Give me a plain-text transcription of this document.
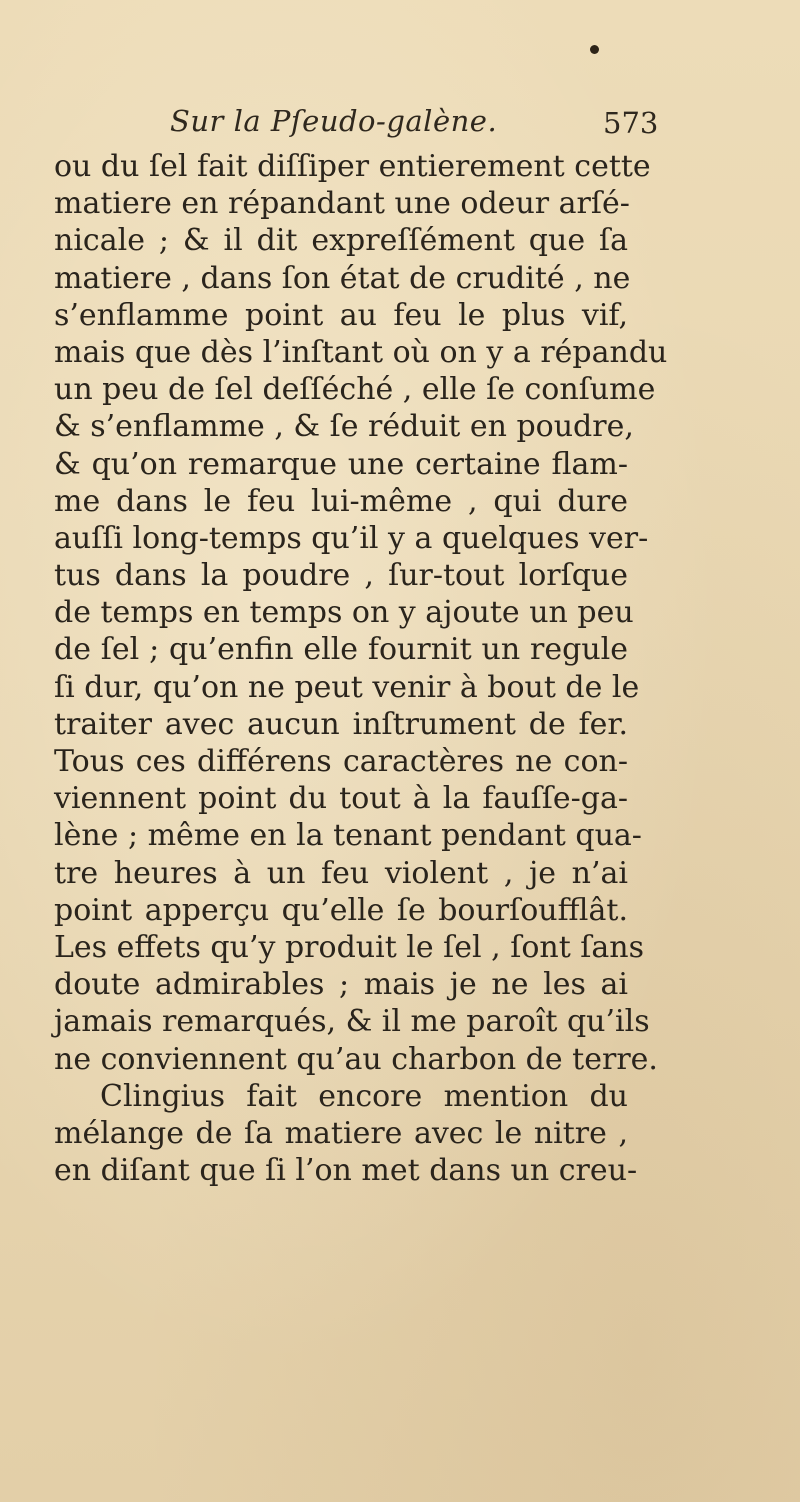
Sur la Pſeudo-galène.	573
ou du ſel fait diſſiper entierement cette
matiere en répandant une odeur arſé-
nicale ; & il dit expreſſément que ſa
matiere , dans ſon état de crudité , ne
s’enflamme point au feu le plus vif,
mais que dès l’inſtant où on y a répandu
un peu de ſel deſſéché , elle ſe conſume
& s’enflamme , & ſe réduit en poudre,
& qu’on remarque une certaine flam-
me dans le feu lui-même , qui dure
auſſi long-temps qu’il y a quelques ver-
tus dans la poudre , ſur-tout lorſque
de temps en temps on y ajoute un peu
de ſel ; qu’enfin elle fournit un regule
ſi dur, qu’on ne peut venir à bout de le
traiter avec aucun inſtrument de fer.
Tous ces différens caractères ne con-
viennent point du tout à la fauſſe-ga-
lène ; même en la tenant pendant qua-
tre heures à un feu violent , je n’ai
point apperçu qu’elle ſe bourſoufflât.
Les effets qu’y produit le ſel , ſont ſans
doute admirables ; mais je ne les ai
jamais remarqués, & il me paroît qu’ils
ne conviennent qu’au charbon de terre.
Clingius fait encore mention du
mélange de ſa matiere avec le nitre ,
en diſant que ſi l’on met dans un creu-
